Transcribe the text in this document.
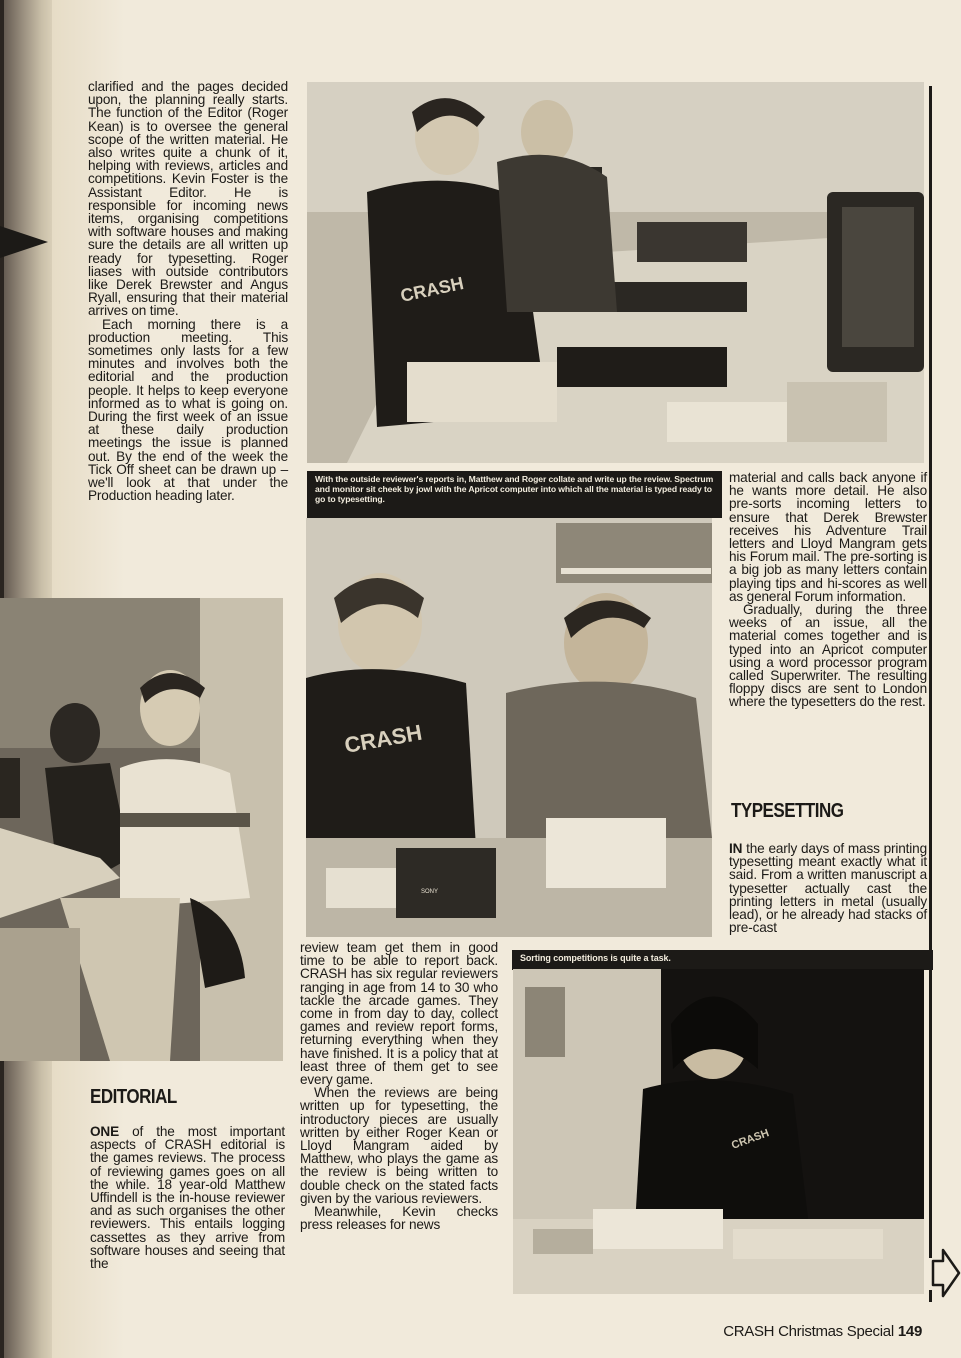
clarified and the pages decided upon, the planning really starts. The function of the Editor (Roger Kean) is to oversee the general scope of the written material. He also writes quite a chunk of it, helping with reviews, articles and competitions. Kevin Foster is the Assistant Editor. He is responsible for incoming news items, organising competitions with software houses and making sure the details are all written up ready for typesetting. Roger liases with outside contributors like Derek Brewster and Angus Ryall, ensuring that their material arrives on time.

Each morning there is a production meeting. This sometimes only lasts for a few minutes and involves both the editorial and the production people. It helps to keep everyone informed as to what is going on. During the first week of an issue at these daily production meetings the issue is planned out. By the end of the week the Tick Off sheet can be drawn up – we'll look at that under the Production heading later.

CRASH
With the outside reviewer's reports in, Matthew and Roger collate and write up the review. Spectrum and monitor sit cheek by jowl with the Apricot computer into which all the material is typed ready to go to typesetting.
CRASH
SONY

review team get them in good time to be able to report back. CRASH has six regular reviewers ranging in age from 14 to 30 who tackle the arcade games. They come in from day to day, collect games and review report forms, returning everything when they have finished. It is a policy that at least three of them get to see every game.

When the reviews are being written up for typesetting, the introductory pieces are usually written by either Roger Kean or Lloyd Mangram aided by Matthew, who plays the game as the review is being written to double check on the stated facts given by the various reviewers.

Meanwhile, Kevin checks press releases for news

material and calls back anyone if he wants more detail. He also pre-sorts incoming letters to ensure that Derek Brewster receives his Adventure Trail letters and Lloyd Mangram gets his Forum mail. The pre-sorting is a big job as many letters contain playing tips and hi-scores as well as general Forum information.

Gradually, during the three weeks of an issue, all the material comes together and is typed into an Apricot computer using a word processor program called Superwriter. The resulting floppy discs are sent to London where the typesetters do the rest.

TYPESETTING

IN the early days of mass printing typesetting meant exactly what it said. From a written manuscript a typesetter actually cast the printing letters in metal (usually lead), or he already had stacks of pre-cast

Sorting competitions is quite a task.
CRASH
EDITORIAL

ONE of the most important aspects of CRASH editorial is the games reviews. The process of reviewing games goes on all the while. 18 year-old Matthew Uffindell is the in-house reviewer and as such organises the other reviewers. This entails logging cassettes as they arrive from software houses and seeing that the

CRASH Christmas Special 149
